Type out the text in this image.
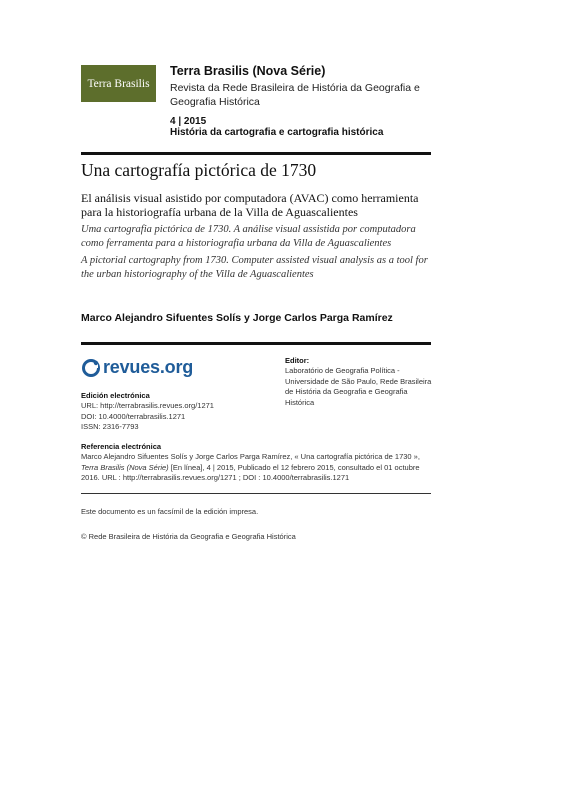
Terra Brasilis
Terra Brasilis (Nova Série)
Revista da Rede Brasileira de História da Geografia e Geografia Histórica
4 | 2015
História da cartografia e cartografia histórica
Una cartografía pictórica de 1730
El análisis visual asistido por computadora (AVAC) como herramienta para la historiografía urbana de la Villa de Aguascalientes
Uma cartografia pictórica de 1730. A análise visual assistida por computadora como ferramenta para a historiografia urbana da Villa de Aguascalientes
A pictorial cartography from 1730. Computer assisted visual analysis as a tool for the urban historiography of the Villa de Aguascalientes
Marco Alejandro Sifuentes Solís y Jorge Carlos Parga Ramírez
revues.org
Edición electrónica
URL: http://terrabrasilis.revues.org/1271
DOI: 10.4000/terrabrasilis.1271
ISSN: 2316-7793
Editor:
Laboratório de Geografia Política -
Universidade de São Paulo, Rede Brasileira
de História da Geografia e Geografia
Histórica
Referencia electrónica
Marco Alejandro Sifuentes Solís y Jorge Carlos Parga Ramírez, « Una cartografía pictórica de 1730 »,
Terra Brasilis (Nova Série) [En línea], 4 | 2015, Publicado el 12 febrero 2015, consultado el 01 octubre
2016. URL : http://terrabrasilis.revues.org/1271 ; DOI : 10.4000/terrabrasilis.1271
Este documento es un facsímil de la edición impresa.
© Rede Brasileira de História da Geografia e Geografia Histórica
